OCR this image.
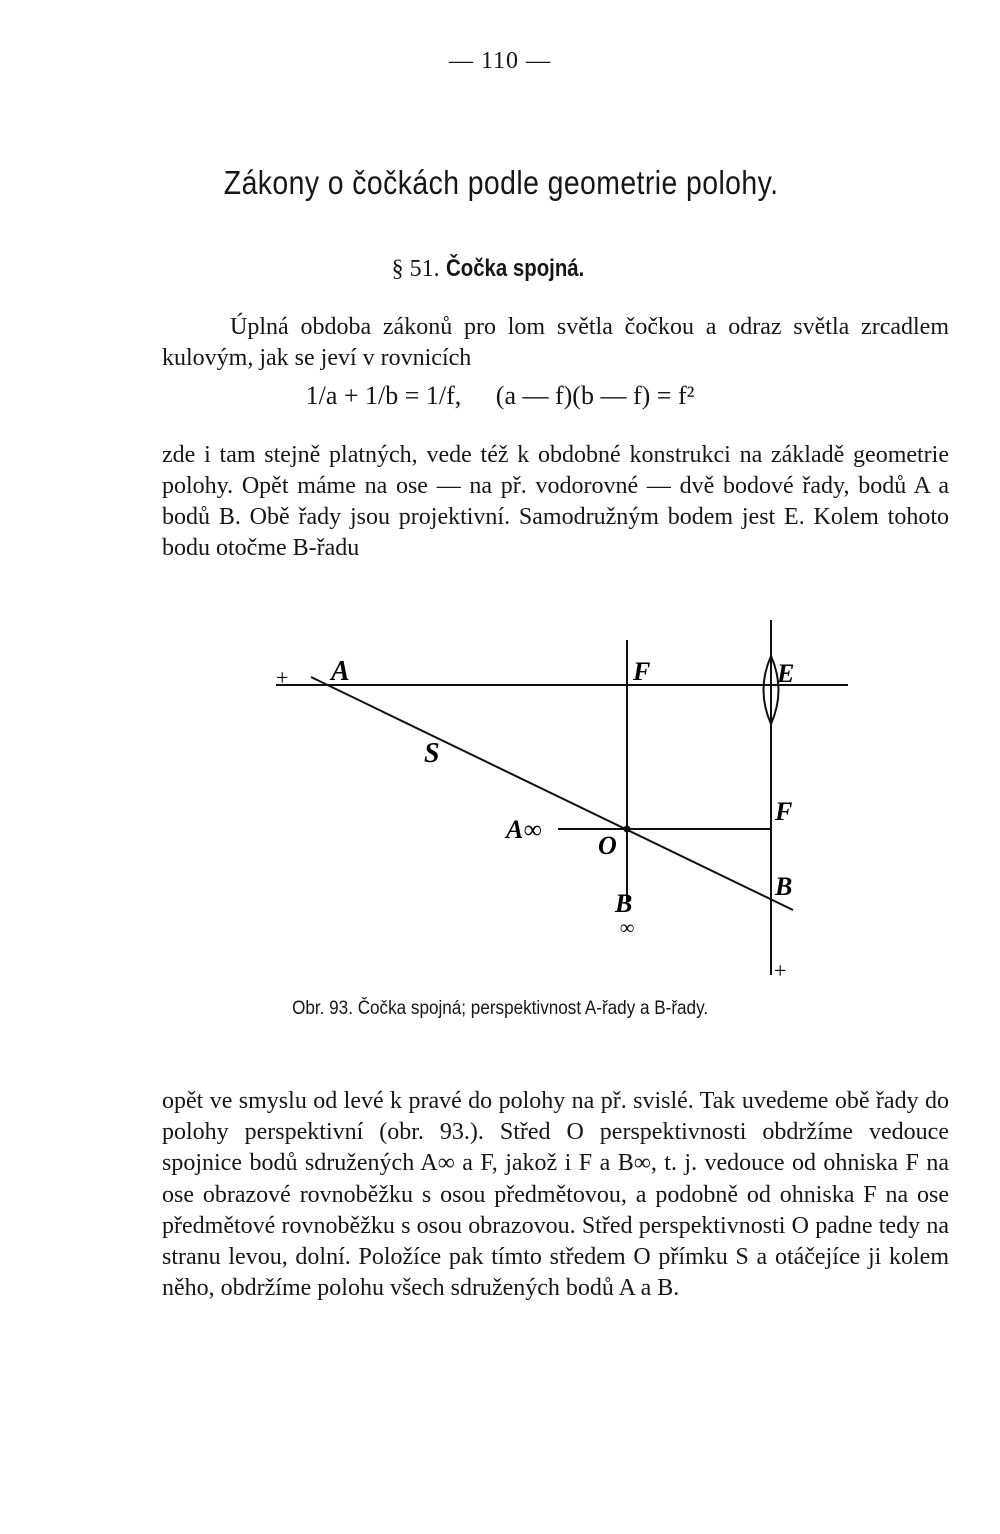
— 110 —
Zákony o čočkách podle geometrie polohy.
§ 51. Čočka spojná.
Úplná obdoba zákonů pro lom světla čočkou a odraz světla zrcadlem kulovým, jak se jeví v rovnicích
1/a + 1/b = 1/f, (a — f)(b — f) = f²
zde i tam stejně platných, vede též k obdobné konstrukci na základě geometrie polohy. Opět máme na ose — na př. vodorovné — dvě bodové řady, bodů A a bodů B. Obě řady jsou projektivní. Samodružným bodem jest E. Kolem tohoto bodu otočme B-řadu
+ A	F	E
S
A∞
O
F
B
B
∞
+
Obr. 93. Čočka spojná; perspektivnost A-řady a B-řady.
opět ve smyslu od levé k pravé do polohy na př. svislé. Tak uvedeme obě řady do polohy perspektivní (obr. 93.). Střed O perspektivnosti obdržíme vedouce spojnice bodů sdružených A∞ a F, jakož i F a B∞, t. j. vedouce od ohniska F na ose obrazové rovnoběžku s osou předmětovou, a podobně od ohniska F na ose předmětové rovnoběžku s osou obrazovou. Střed perspektivnosti O padne tedy na stranu levou, dolní. Položíce pak tímto středem O přímku S a otáčejíce ji kolem něho, obdržíme polohu všech sdružených bodů A a B.
